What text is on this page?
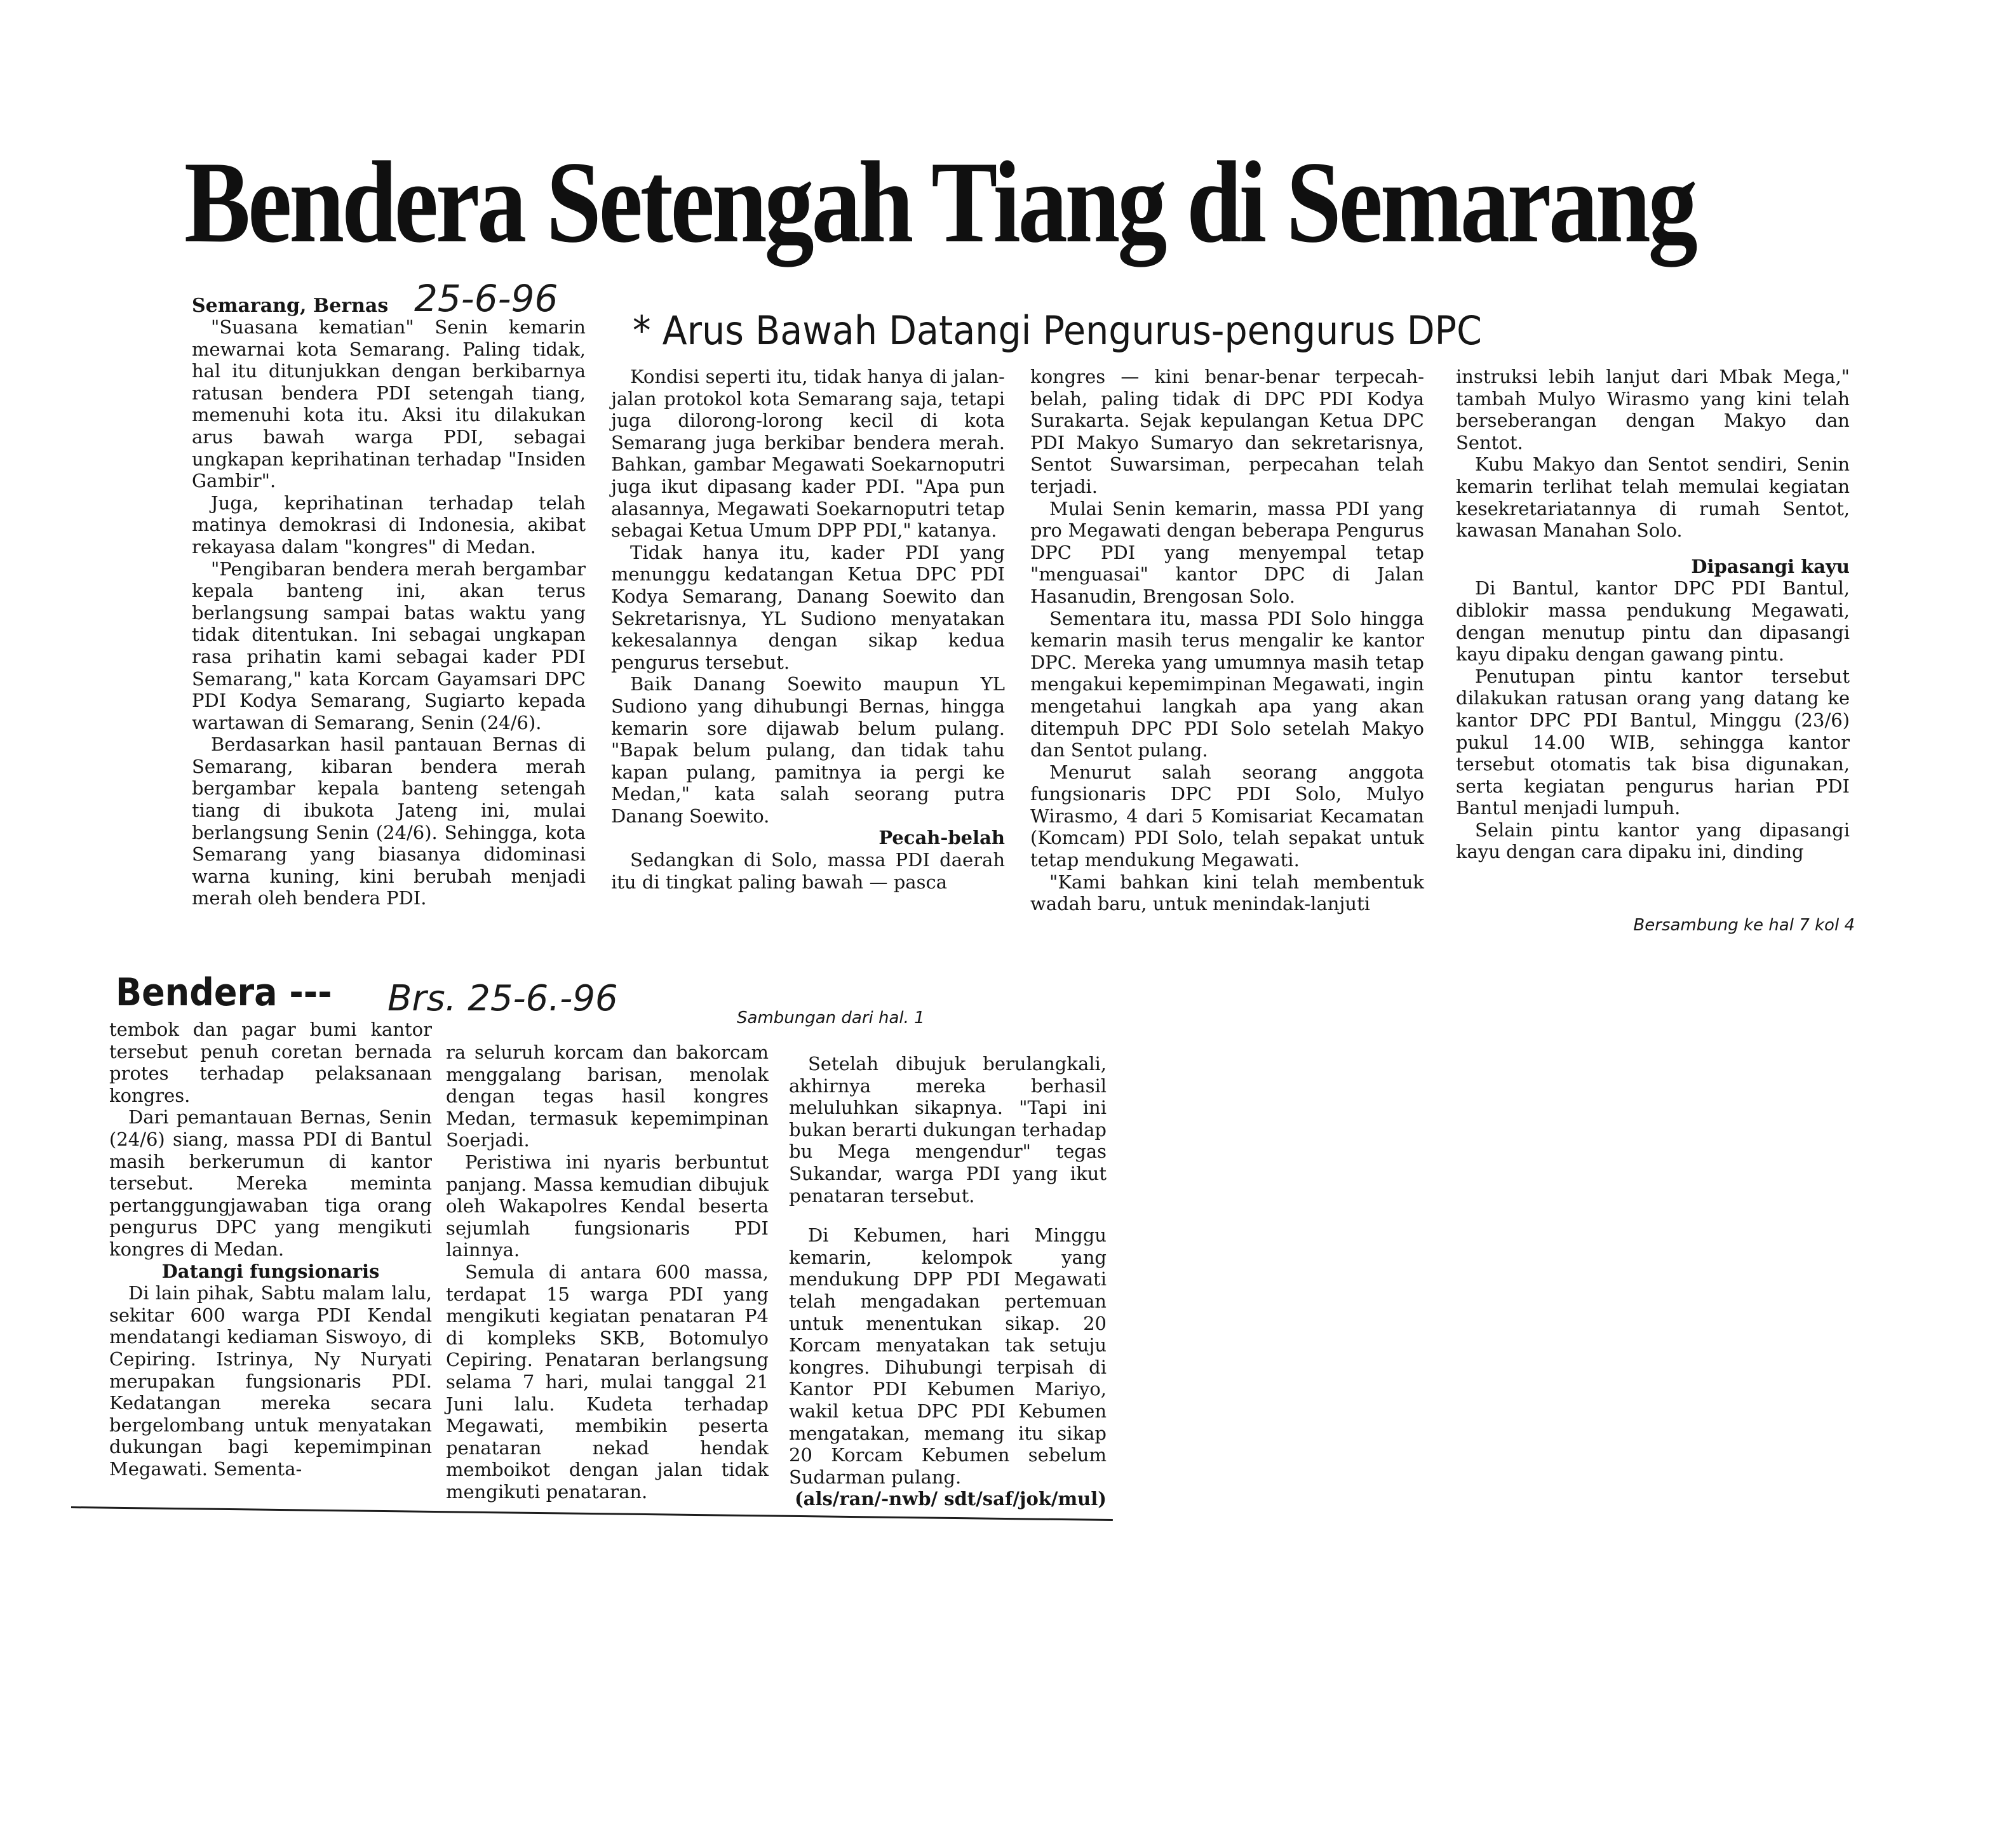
Bendera Setengah Tiang di Semarang
Semarang, Bernas 25-6-96
* Arus Bawah Datangi Pengurus-pengurus DPC

"Suasana kematian" Senin kemarin mewarnai kota Semarang. Paling tidak, hal itu ditunjukkan dengan berkibarnya ratusan bendera PDI setengah tiang, memenuhi kota itu. Aksi itu dilakukan arus bawah warga PDI, sebagai ungkapan keprihatinan terhadap "Insiden Gambir".

Juga, keprihatinan terhadap telah matinya demokrasi di Indonesia, akibat rekayasa dalam "kongres" di Medan.

"Pengibaran bendera merah bergambar kepala banteng ini, akan terus berlangsung sampai batas waktu yang tidak ditentukan. Ini sebagai ungkapan rasa prihatin kami sebagai kader PDI Semarang," kata Korcam Gayamsari DPC PDI Kodya Semarang, Sugiarto kepada wartawan di Semarang, Senin (24/6).

Berdasarkan hasil pantauan Bernas di Semarang, kibaran bendera merah bergambar kepala banteng setengah tiang di ibukota Jateng ini, mulai berlangsung Senin (24/6). Sehingga, kota Semarang yang biasanya didominasi warna kuning, kini berubah menjadi merah oleh bendera PDI.

Kondisi seperti itu, tidak hanya di jalan-jalan protokol kota Semarang saja, tetapi juga dilorong-lorong kecil di kota Semarang juga berkibar bendera merah. Bahkan, gambar Megawati Soekarnoputri juga ikut dipasang kader PDI. "Apa pun alasannya, Megawati Soekarnoputri tetap sebagai Ketua Umum DPP PDI," katanya.

Tidak hanya itu, kader PDI yang menunggu kedatangan Ketua DPC PDI Kodya Semarang, Danang Soewito dan Sekretarisnya, YL Sudiono menyatakan kekesalannya dengan sikap kedua pengurus tersebut.

Baik Danang Soewito maupun YL Sudiono yang dihubungi Bernas, hingga kemarin sore dijawab belum pulang. "Bapak belum pulang, dan tidak tahu kapan pulang, pamitnya ia pergi ke Medan," kata salah seorang putra Danang Soewito.

Pecah-belah

Sedangkan di Solo, massa PDI daerah itu di tingkat paling bawah — pasca

kongres — kini benar-benar terpecah-belah, paling tidak di DPC PDI Kodya Surakarta. Sejak kepulangan Ketua DPC PDI Makyo Sumaryo dan sekretarisnya, Sentot Suwarsiman, perpecahan telah terjadi.

Mulai Senin kemarin, massa PDI yang pro Megawati dengan beberapa Pengurus DPC PDI yang menyempal tetap "menguasai" kantor DPC di Jalan Hasanudin, Brengosan Solo.

Sementara itu, massa PDI Solo hingga kemarin masih terus mengalir ke kantor DPC. Mereka yang umumnya masih tetap mengakui kepemimpinan Megawati, ingin mengetahui langkah apa yang akan ditempuh DPC PDI Solo setelah Makyo dan Sentot pulang.

Menurut salah seorang anggota fungsionaris DPC PDI Solo, Mulyo Wirasmo, 4 dari 5 Komisariat Kecamatan (Komcam) PDI Solo, telah sepakat untuk tetap mendukung Megawati.

"Kami bahkan kini telah membentuk wadah baru, untuk menindak-lanjuti

instruksi lebih lanjut dari Mbak Mega," tambah Mulyo Wirasmo yang kini telah berseberangan dengan Makyo dan Sentot.

Kubu Makyo dan Sentot sendiri, Senin kemarin terlihat telah memulai kegiatan kesekretariatannya di rumah Sentot, kawasan Manahan Solo.

Dipasangi kayu

Di Bantul, kantor DPC PDI Bantul, diblokir massa pendukung Megawati, dengan menutup pintu dan dipasangi kayu dipaku dengan gawang pintu.

Penutupan pintu kantor tersebut dilakukan ratusan orang yang datang ke kantor DPC PDI Bantul, Minggu (23/6) pukul 14.00 WIB, sehingga kantor tersebut otomatis tak bisa digunakan, serta kegiatan pengurus harian PDI Bantul menjadi lumpuh.

Selain pintu kantor yang dipasangi kayu dengan cara dipaku ini, dinding

Bersambung ke hal 7 kol 4
Bendera --- Brs. 25-6.-96	Sambungan dari hal. 1

tembok dan pagar bumi kantor tersebut penuh coretan bernada protes terhadap pelaksanaan kongres.

Dari pemantauan Bernas, Senin (24/6) siang, massa PDI di Bantul masih berkerumun di kantor tersebut. Mereka meminta pertanggungjawaban tiga orang pengurus DPC yang mengikuti kongres di Medan.

Datangi fungsionaris

Di lain pihak, Sabtu malam lalu, sekitar 600 warga PDI Kendal mendatangi kediaman Siswoyo, di Cepiring. Istrinya, Ny Nuryati merupakan fungsionaris PDI. Kedatangan mereka secara bergelombang untuk menyatakan dukungan bagi kepemimpinan Megawati. Sementa-

ra seluruh korcam dan bakorcam menggalang barisan, menolak dengan tegas hasil kongres Medan, termasuk kepemimpinan Soerjadi.

Peristiwa ini nyaris berbuntut panjang. Massa kemudian dibujuk oleh Wakapolres Kendal beserta sejumlah fungsionaris PDI lainnya.

Semula di antara 600 massa, terdapat 15 warga PDI yang mengikuti kegiatan penataran P4 di kompleks SKB, Botomulyo Cepiring. Penataran berlangsung selama 7 hari, mulai tanggal 21 Juni lalu. Kudeta terhadap Megawati, membikin peserta penataran nekad hendak memboikot dengan jalan tidak mengikuti penataran.

Setelah dibujuk berulangkali, akhirnya mereka berhasil meluluhkan sikapnya. "Tapi ini bukan berarti dukungan terhadap bu Mega mengendur" tegas Sukandar, warga PDI yang ikut penataran tersebut.

Di Kebumen, hari Minggu kemarin, kelompok yang mendukung DPP PDI Megawati telah mengadakan pertemuan untuk menentukan sikap. 20 Korcam menyatakan tak setuju kongres. Dihubungi terpisah di Kantor PDI Kebumen Mariyo, wakil ketua DPC PDI Kebumen mengatakan, memang itu sikap 20 Korcam Kebumen sebelum Sudarman pulang.

(als/ran/-nwb/ sdt/saf/jok/mul)
